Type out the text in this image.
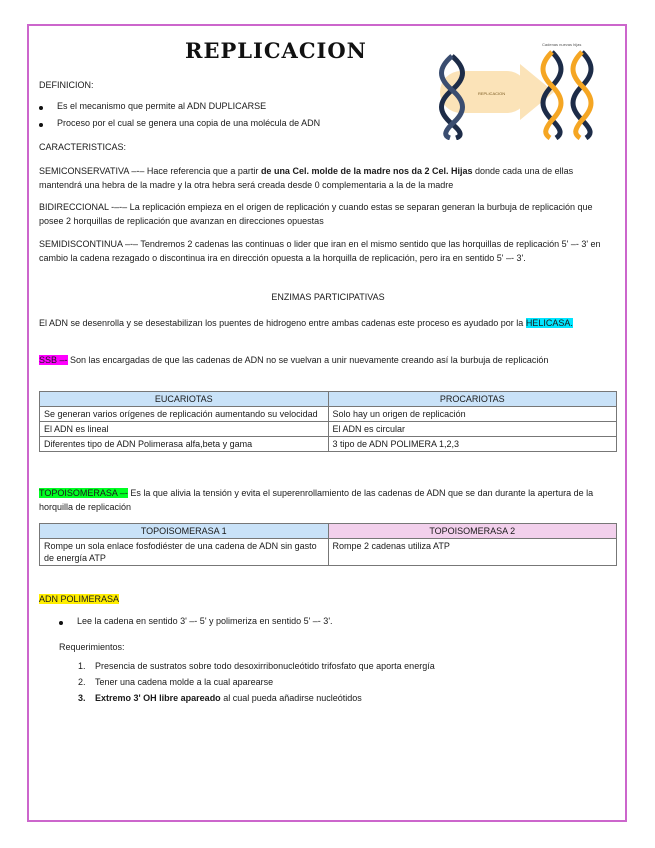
REPLICACION
REPLICACION
Cadenas nuevas hijas
DEFINICION:
Es el mecanismo que permite al ADN DUPLICARSE
Proceso por el cual se genera una copia de una molécula de ADN
CARACTERISTICAS:
SEMICONSERVATIVA –-– Hace referencia que a partir de una Cel. molde de la madre nos da 2 Cel. Hijas donde cada una de ellas mantendrá una hebra de la madre y la otra hebra será creada desde 0 complementaria a la de la madre
BIDIRECCIONAL -–-– La replicación empieza en el origen de replicación y cuando estas se separan generan la burbuja de replicación que posee 2 horquillas de replicación que avanzan en direcciones opuestas
SEMIDISCONTINUA –-– Tendremos 2 cadenas las continuas o lider que iran en el mismo sentido que las horquillas de replicación 5' –- 3' en cambio la cadena rezagado o discontinua ira en dirección opuesta a la horquilla de replicación, pero ira en sentido 5' –- 3'.
ENZIMAS PARTICIPATIVAS
El ADN se desenrolla y se desestabilizan los puentes de hidrogeno entre ambas cadenas este proceso es ayudado por la HELICASA.
SSB –- Son las encargadas de que las cadenas de ADN no se vuelvan a unir nuevamente creando así la burbuja de replicación
EUCARIOTAS	PROCARIOTAS
Se generan varios orígenes de replicación aumentando su velocidad	Solo hay un origen de replicación
El ADN es lineal	El ADN es circular
Diferentes tipo de ADN Polimerasa alfa,beta y gama	3 tipo de ADN POLIMERA 1,2,3
TOPOISOMERASA –- Es la que alivia la tensión y evita el superenrollamiento de las cadenas de ADN que se dan durante la apertura de la horquilla de replicación
TOPOISOMERASA 1	TOPOISOMERASA 2
Rompe un sola enlace fosfodiéster de una cadena de ADN sin gasto de energía ATP	Rompe 2 cadenas utiliza ATP
ADN POLIMERASA
Lee la cadena en sentido 3' –- 5' y polimeriza en sentido 5' –- 3'.
Requerimientos:
1. Presencia de sustratos sobre todo desoxirribonucleótido trifosfato que aporta energía
2. Tener una cadena molde a la cual aparearse
3. Extremo 3' OH libre apareado al cual pueda añadirse nucleótidos
